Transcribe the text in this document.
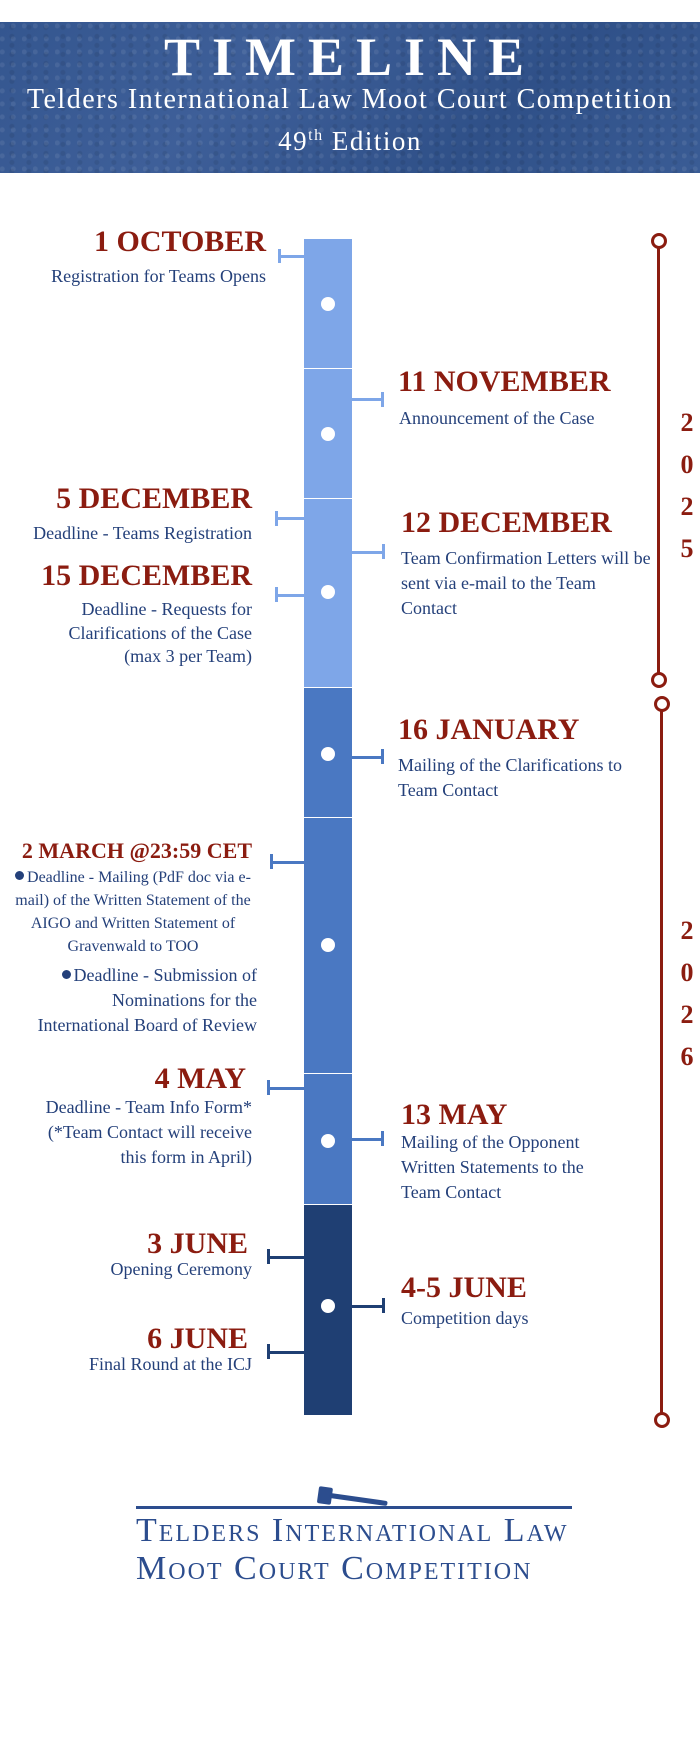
TIMELINE
Telders International Law Moot Court Competition
49th Edition
1 OCTOBER
Registration for Teams Opens
11 NOVEMBER
Announcement of the Case
5 DECEMBER
Deadline - Teams Registration	12 DECEMBER
Team Confirmation Letters will be sent via e-mail to the Team Contact
15 DECEMBER
Deadline - Requests for Clarifications of the Case (max 3 per Team)
16 JANUARY
Mailing of the Clarifications to Team Contact
2 MARCH @23:59 CET
Deadline - Mailing (PdF doc via e-mail) of the Written Statement of the AIGO and Written Statement of Gravenwald to TOO
Deadline - Submission of Nominations for the International Board of Review
4 MAY
Deadline - Team Info Form* (*Team Contact will receive this form in April)
13 MAY
Mailing of the Opponent Written Statements to the Team Contact
3 JUNE
Opening Ceremony
4-5 JUNE
Competition days
6 JUNE
Final Round at the ICJ
2
0
2
5
2
0
2
6
Telders International Law
Moot Court Competition
